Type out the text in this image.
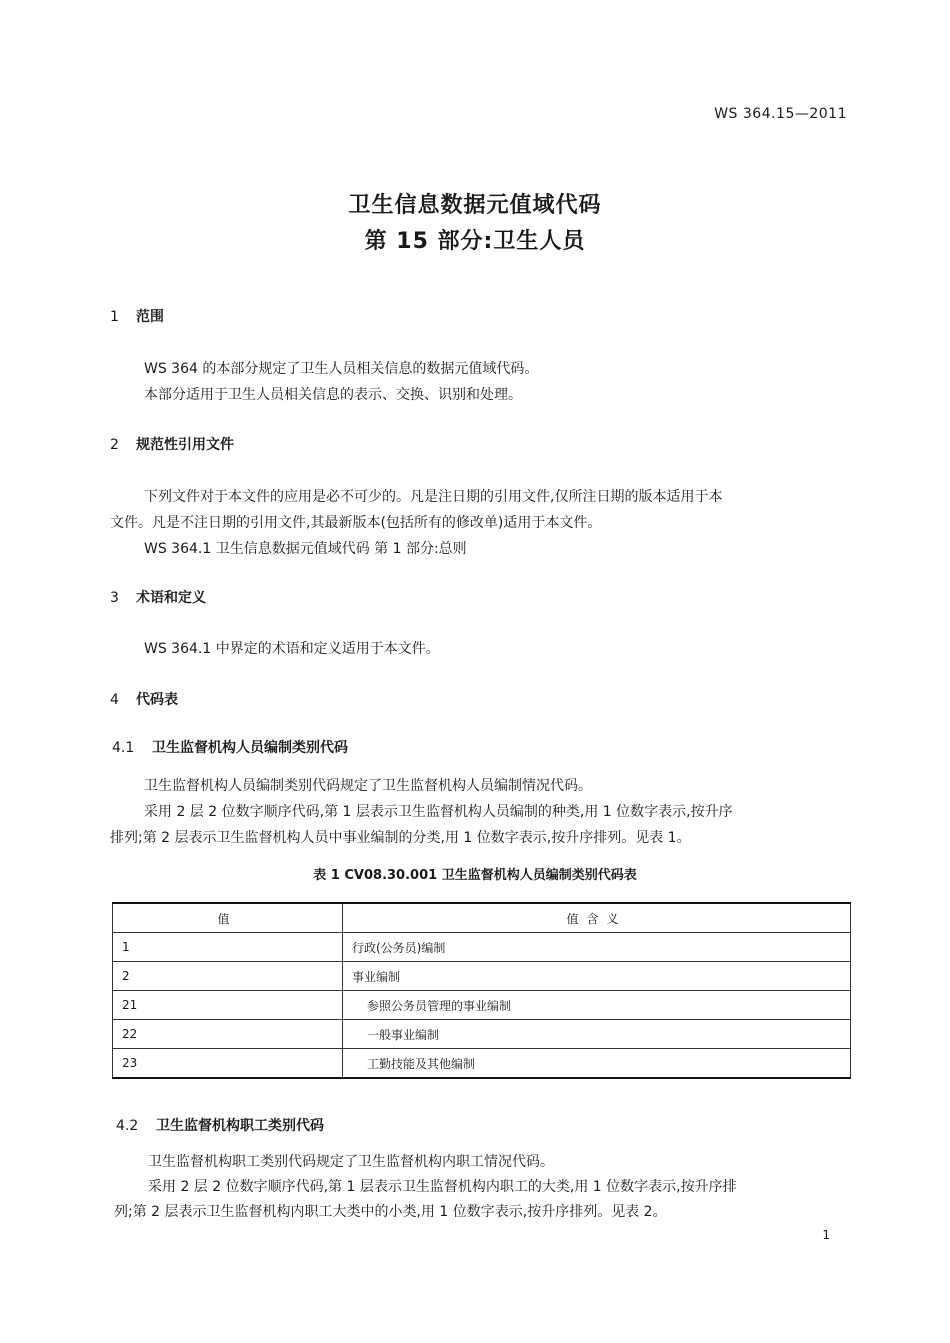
WS 364.15—2011
卫生信息数据元值域代码
第 15 部分:卫生人员
1 范围
WS 364 的本部分规定了卫生人员相关信息的数据元值域代码。
本部分适用于卫生人员相关信息的表示、交换、识别和处理。
2 规范性引用文件
下列文件对于本文件的应用是必不可少的。凡是注日期的引用文件,仅所注日期的版本适用于本
文件。凡是不注日期的引用文件,其最新版本(包括所有的修改单)适用于本文件。
WS 364.1 卫生信息数据元值域代码 第 1 部分:总则
3 术语和定义
WS 364.1 中界定的术语和定义适用于本文件。
4 代码表
4.1 卫生监督机构人员编制类别代码
卫生监督机构人员编制类别代码规定了卫生监督机构人员编制情况代码。
采用 2 层 2 位数字顺序代码,第 1 层表示卫生监督机构人员编制的种类,用 1 位数字表示,按升序
排列;第 2 层表示卫生监督机构人员中事业编制的分类,用 1 位数字表示,按升序排列。见表 1。
表 1 CV08.30.001 卫生监督机构人员编制类别代码表
值	值含义
1	行政(公务员)编制
2	事业编制
21	参照公务员管理的事业编制
22	一般事业编制
23	工勤技能及其他编制
4.2 卫生监督机构职工类别代码
卫生监督机构职工类别代码规定了卫生监督机构内职工情况代码。
采用 2 层 2 位数字顺序代码,第 1 层表示卫生监督机构内职工的大类,用 1 位数字表示,按升序排
列;第 2 层表示卫生监督机构内职工大类中的小类,用 1 位数字表示,按升序排列。见表 2。
1
